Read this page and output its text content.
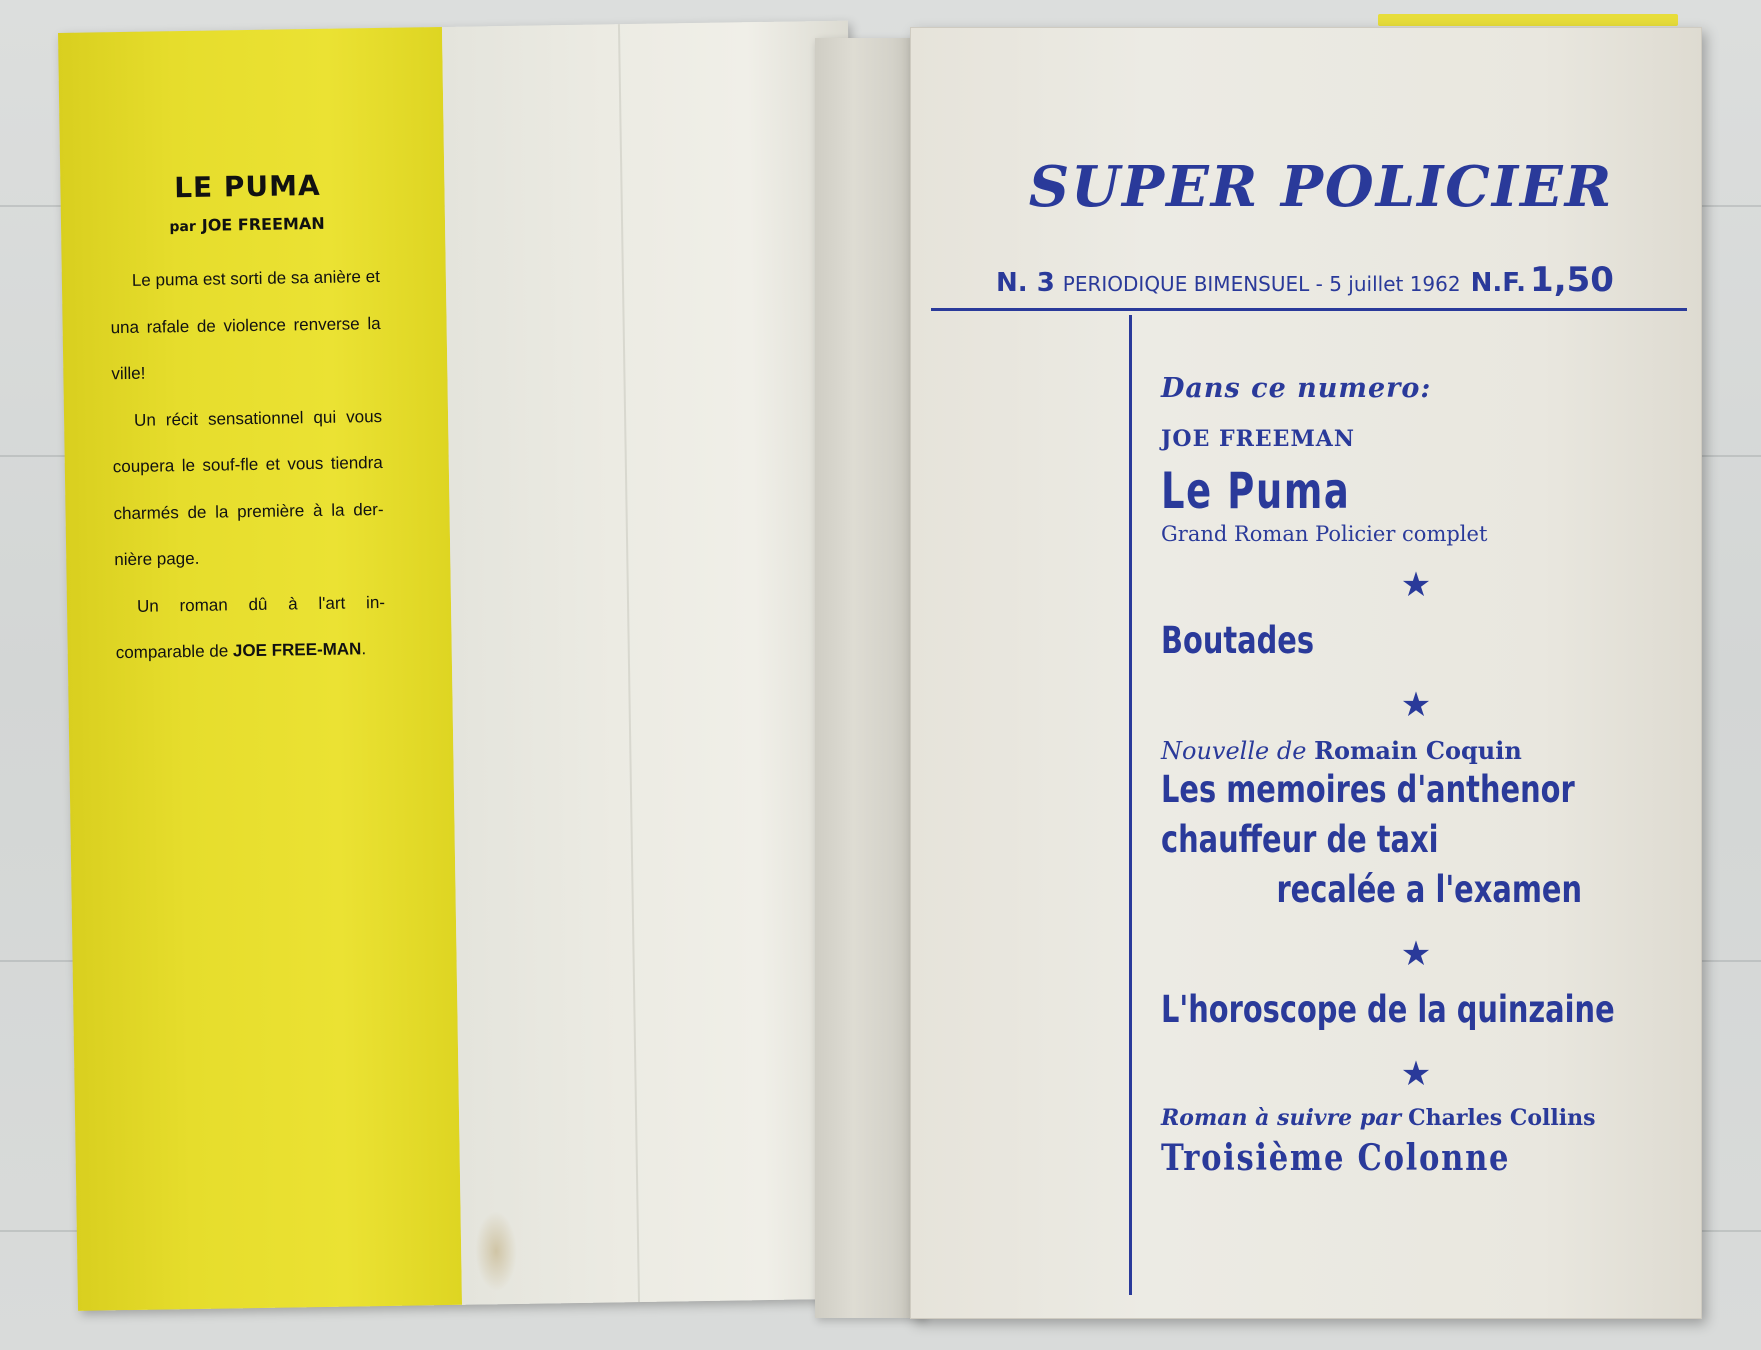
LE PUMA
par JOE FREEMAN

Le puma est sorti de sa anière et una rafale de violence renverse la ville!

Un récit sensationnel qui vous coupera le souf-fle et vous tiendra charmés de la première à la der-nière page.

Un roman dû à l'art in-comparable de JOE FREE-MAN.

SUPER POLICIER
N. 3 PERIODIQUE BIMENSUEL - 5 juillet 1962 N.F. 1,50
Dans ce numero:
JOE FREEMAN
Le Puma
Grand Roman Policier complet
★
Boutades
★
Nouvelle de Romain Coquin
Les memoires d'anthenor
chauffeur de taxi
recalée a l'examen
★
L'horoscope de la quinzaine
★
Roman à suivre par Charles Collins
Troisième Colonne
